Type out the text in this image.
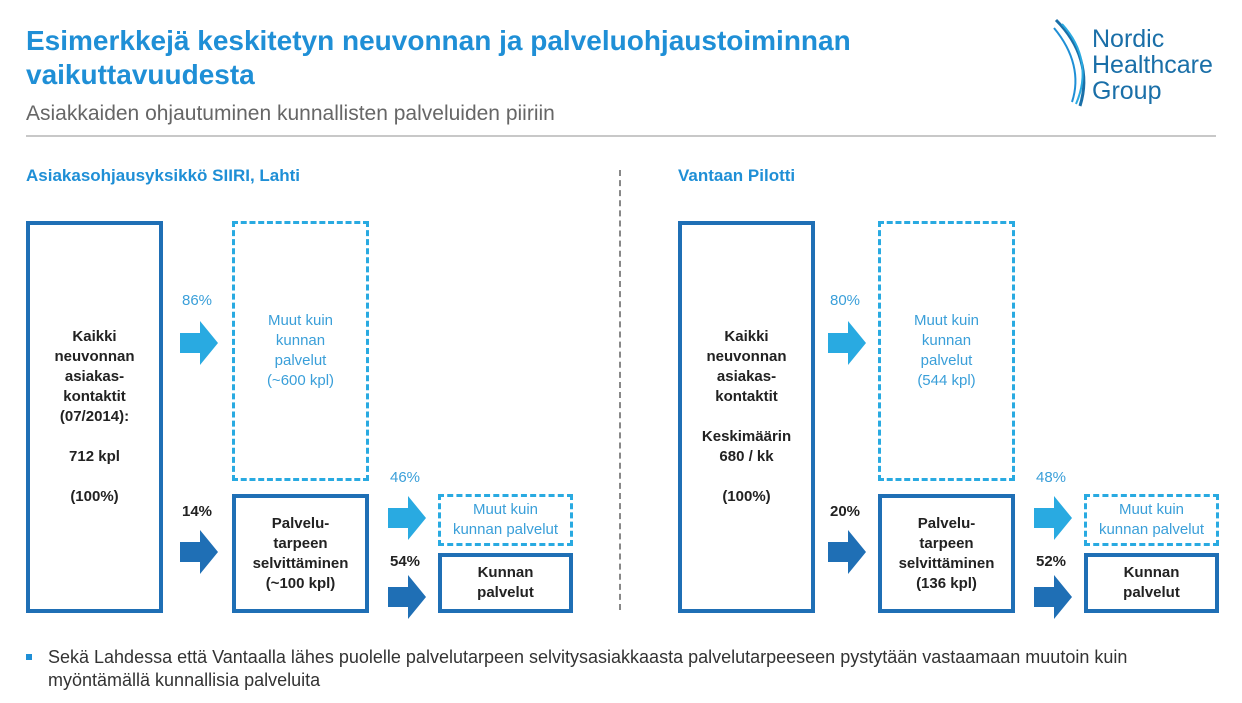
Esimerkkejä keskitetyn neuvonnan ja palveluohjaustoiminnan vaikuttavuudesta
Asiakkaiden ohjautuminen kunnallisten palveluiden piiriin
Nordic
Healthcare
Group
Asiakasohjausyksikkö SIIRI, Lahti
Kaikki
neuvonnan
asiakas-
kontaktit
(07/2014):

712 kpl

(100%)
86%
Muut kuin
kunnan
palvelut
(~600 kpl)
14%
Palvelu-
tarpeen
selvittäminen
(~100 kpl)
46%
Muut kuin
kunnan palvelut
54%
Kunnan
palvelut
Vantaan Pilotti
Kaikki
neuvonnan
asiakas-
kontaktit

Keskimäärin
680 / kk

(100%)
80%
Muut kuin
kunnan
palvelut
(544 kpl)
20%
Palvelu-
tarpeen
selvittäminen
(136 kpl)
48%
Muut kuin
kunnan palvelut
52%
Kunnan
palvelut
Sekä Lahdessa että Vantaalla lähes puolelle palvelutarpeen selvitysasiakkaasta palvelutarpeeseen pystytään vastaamaan muutoin kuin myöntämällä kunnallisia palveluita
